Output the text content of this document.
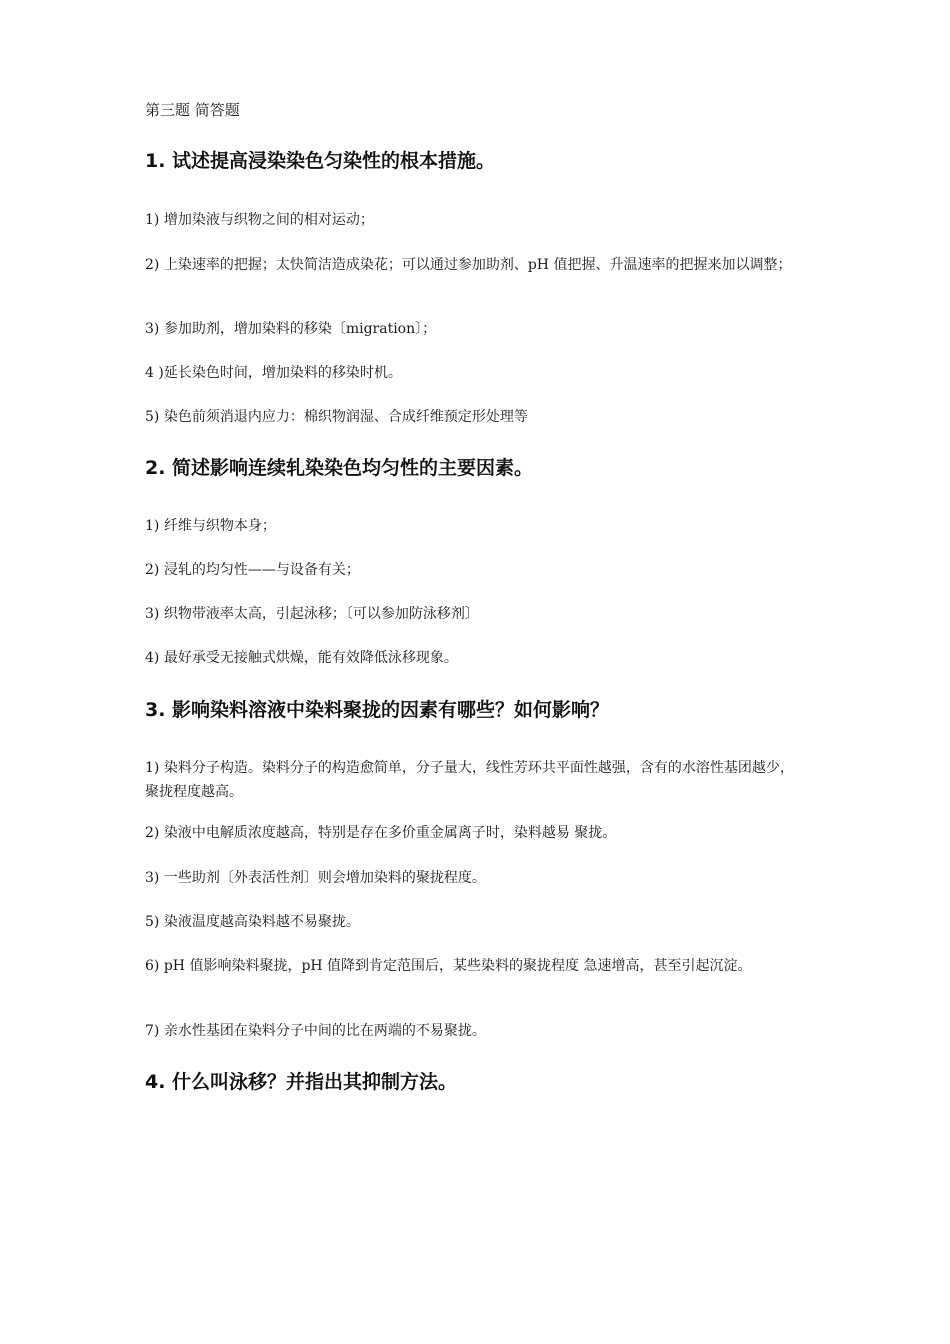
第三题 简答题
1. 试述提高浸染染色匀染性的根本措施。
1) 增加染液与织物之间的相对运动；
2) 上染速率的把握；太快简洁造成染花；可以通过参加助剂、pH 值把握、升温速率的把握来加以调整；
3) 参加助剂，增加染料的移染〔migration〕；
4 )延长染色时间，增加染料的移染时机。
5) 染色前须消退内应力：棉织物润湿、合成纤维预定形处理等
2. 简述影响连续轧染染色均匀性的主要因素。
1) 纤维与织物本身；
2) 浸轧的均匀性——与设备有关；
3) 织物带液率太高，引起泳移；〔可以参加防泳移剂〕
4) 最好承受无接触式烘燥，能有效降低泳移现象。
3. 影响染料溶液中染料聚拢的因素有哪些？如何影响？
1) 染料分子构造。染料分子的构造愈简单，分子量大，线性芳环共平面性越强，含有的水溶性基团越少，聚拢程度越高。
2) 染液中电解质浓度越高，特别是存在多价重金属离子时，染料越易 聚拢。
3) 一些助剂〔外表活性剂〕则会增加染料的聚拢程度。
5) 染液温度越高染料越不易聚拢。
6) pH 值影响染料聚拢，pH 值降到肯定范围后，某些染料的聚拢程度 急速增高，甚至引起沉淀。
7) 亲水性基团在染料分子中间的比在两端的不易聚拢。
4. 什么叫泳移？并指出其抑制方法。
